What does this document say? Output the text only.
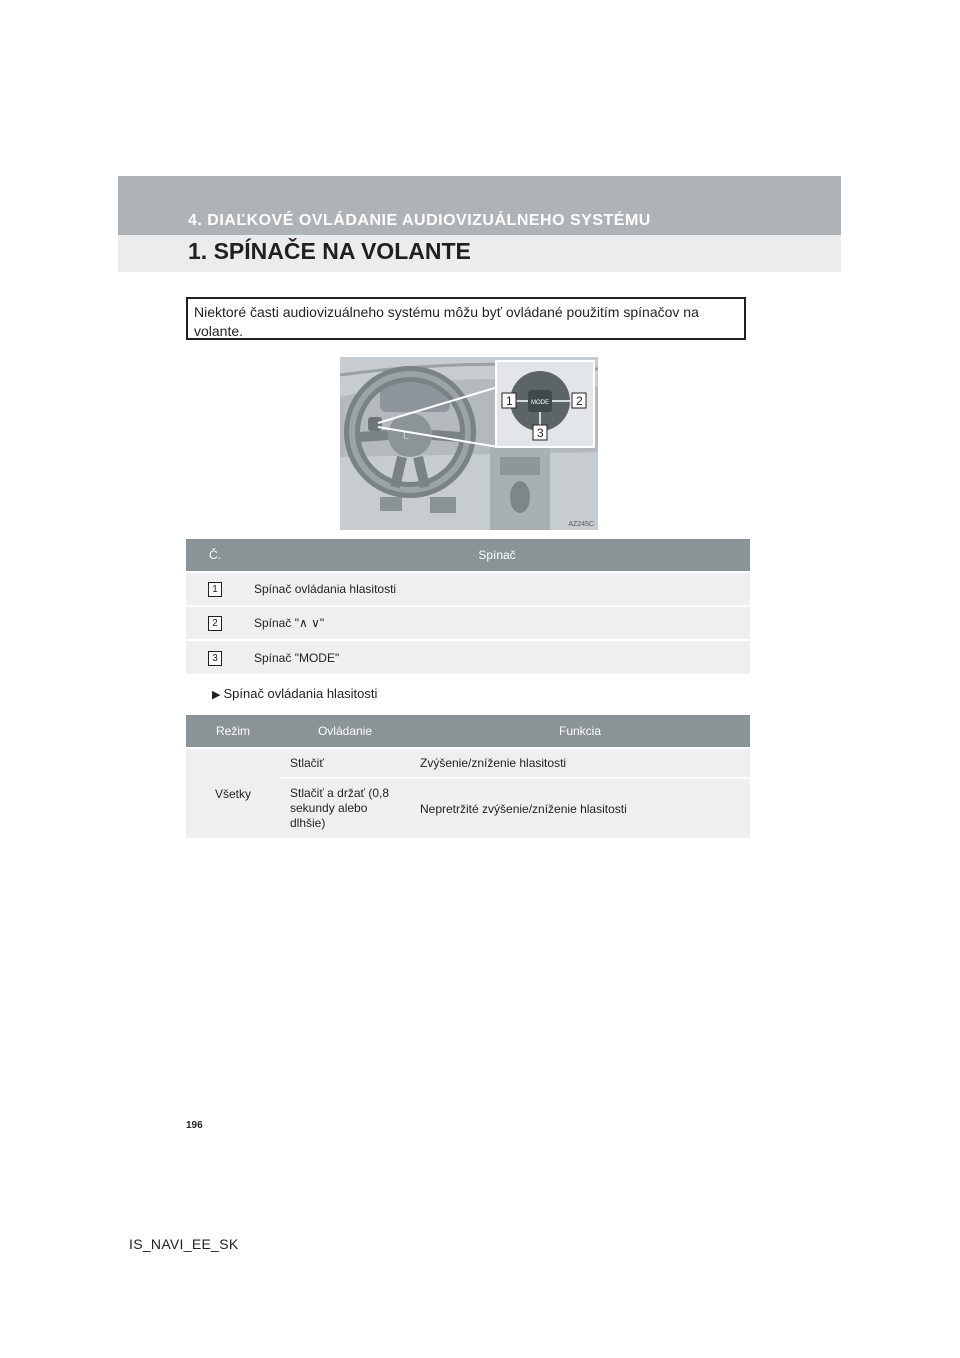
4. DIAĽKOVÉ OVLÁDANIE AUDIOVIZUÁLNEHO SYSTÉMU
1. SPÍNAČE NA VOLANTE
Niektoré časti audiovizuálneho systému môžu byť ovládané použitím spínačov na volante.
L
MODE
1	2
3
AZ245C
Č.	Spínač
1	Spínač ovládania hlasitosti
2	Spínač "∧ ∨"
3	Spínač "MODE"
▶ Spínač ovládania hlasitosti
Režim	Ovládanie	Funkcia
Všetky	Stlačiť	Zvýšenie/zníženie hlasitosti
	Stlačiť a držať (0,8 sekundy alebo dlhšie)	Nepretržité zvýšenie/zníženie hlasitosti
196
IS_NAVI_EE_SK
